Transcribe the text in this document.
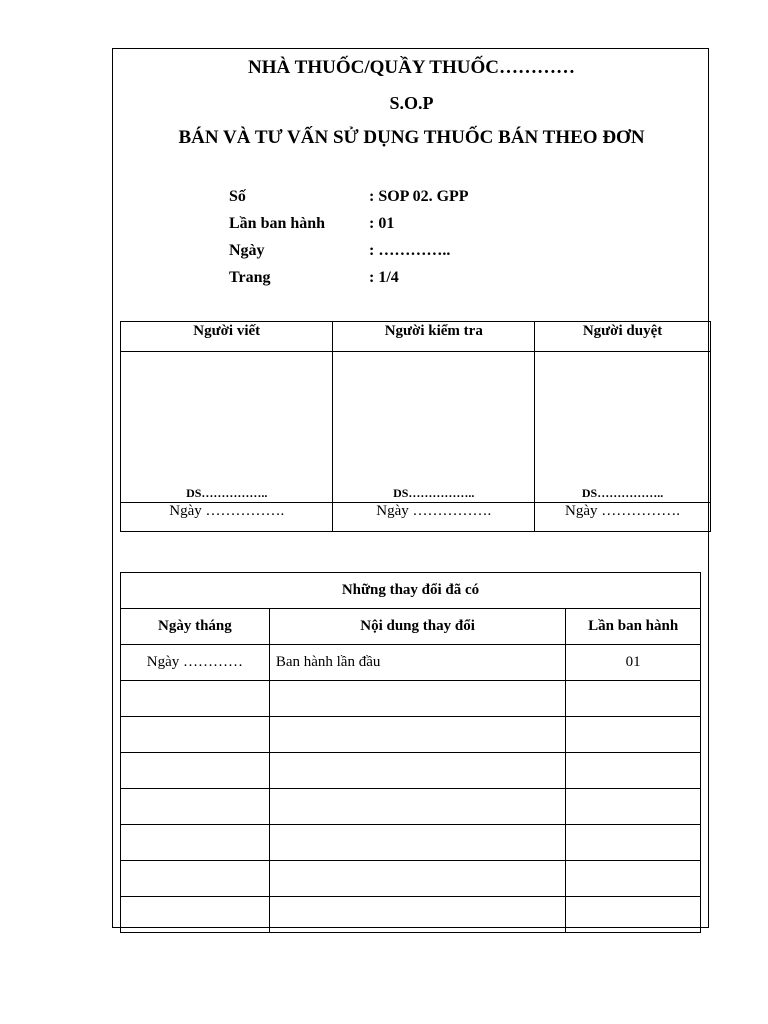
NHÀ THUỐC/QUẦY THUỐC…………
S.O.P
BÁN VÀ TƯ VẤN SỬ DỤNG THUỐC BÁN THEO ĐƠN
Số	: SOP 02. GPP
Lần ban hành	: 01
Ngày	: …………..
Trang	: 1/4
Người viết	Người kiểm tra	Người duyệt
DS……………..	DS……………..	DS……………..
Ngày …………….	Ngày …………….	Ngày …………….
Những thay đổi đã có		
Ngày tháng	Nội dung thay đổi	Lần ban hành
Ngày …………	Ban hành lần đầu	01
